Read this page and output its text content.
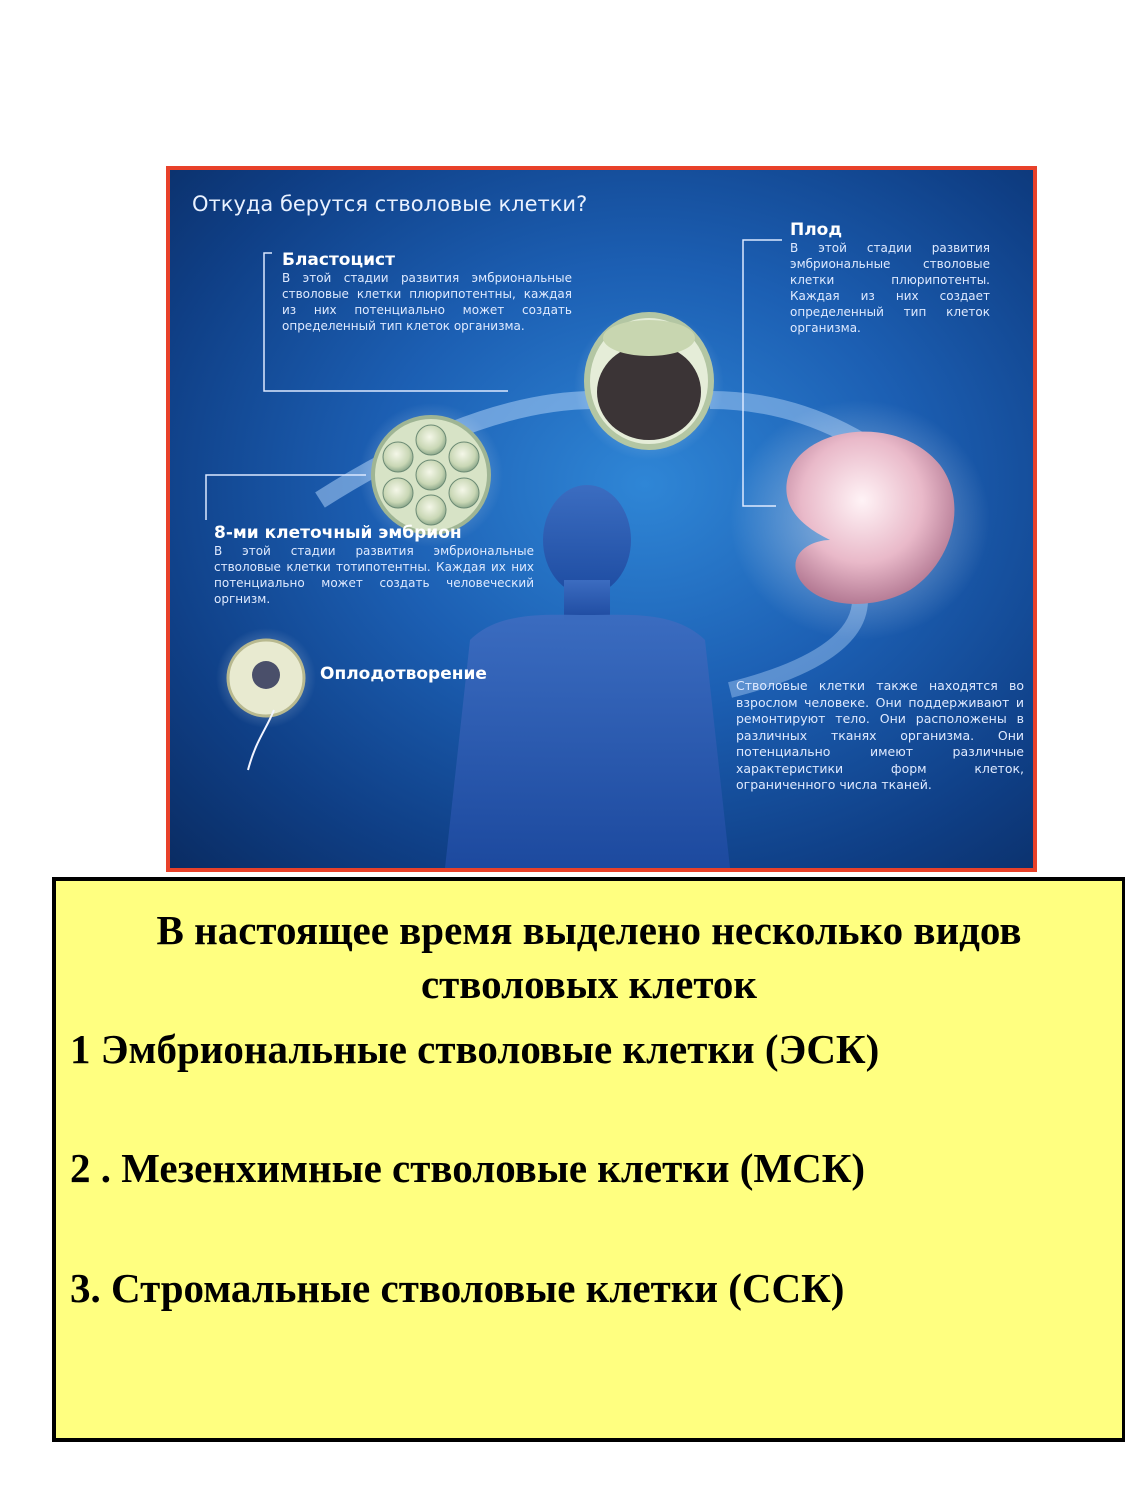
Откуда берутся стволовые клетки?
Бластоцист
В этой стадии развития эмбриональные стволовые клетки плюрипотентны, каждая из них потенциально может создать определенный тип клеток организма.
Плод
В этой стадии развития эмбриональные стволовые клетки плюрипотенты. Каждая из них создает определенный тип клеток организма.
8-ми клеточный эмбрион
В этой стадии развития эмбриональные стволовые клетки тотипотентны. Каждая их них потенциально может создать человеческий оргнизм.
Оплодотворение
Стволовые клетки также находятся во взрослом человеке. Они поддерживают и ремонтируют тело. Они расположены в различных тканях организма. Они потенциально имеют различные характеристики форм клеток, ограниченного числа тканей.
В настоящее время выделено несколько видов стволовых клеток
1 Эмбриональные стволовые клетки (ЭСК)
2 . Мезенхимные стволовые клетки (МСК)
3. Стромальные стволовые клетки (ССК)
